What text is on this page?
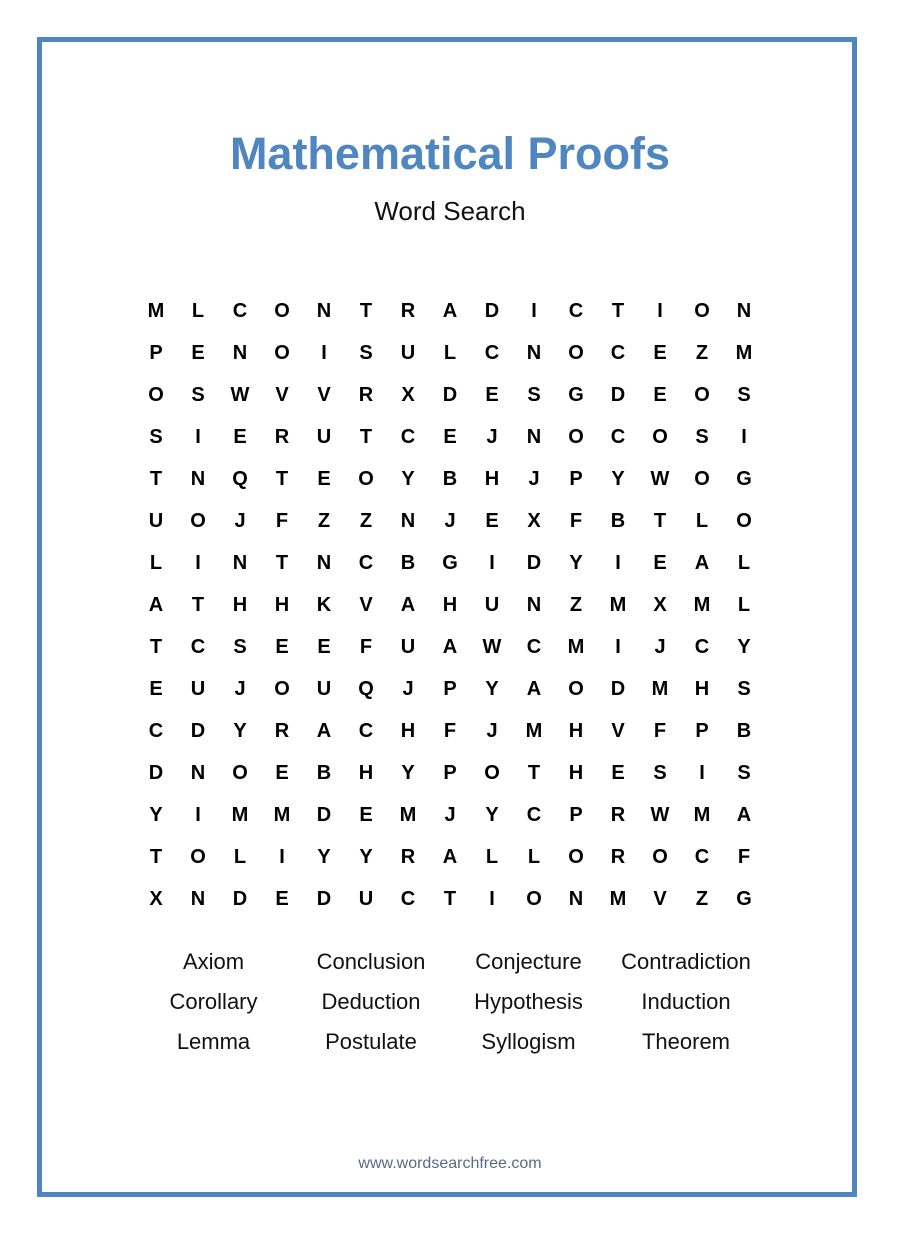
Mathematical Proofs
Word Search
M	L	C	O	N	T	R	A	D	I	C	T	I	O	N
P	E	N	O	I	S	U	L	C	N	O	C	E	Z	M
O	S	W	V	V	R	X	D	E	S	G	D	E	O	S
S	I	E	R	U	T	C	E	J	N	O	C	O	S	I
T	N	Q	T	E	O	Y	B	H	J	P	Y	W	O	G
U	O	J	F	Z	Z	N	J	E	X	F	B	T	L	O
L	I	N	T	N	C	B	G	I	D	Y	I	E	A	L
A	T	H	H	K	V	A	H	U	N	Z	M	X	M	L
T	C	S	E	E	F	U	A	W	C	M	I	J	C	Y
E	U	J	O	U	Q	J	P	Y	A	O	D	M	H	S
C	D	Y	R	A	C	H	F	J	M	H	V	F	P	B
D	N	O	E	B	H	Y	P	O	T	H	E	S	I	S
Y	I	M	M	D	E	M	J	Y	C	P	R	W	M	A
T	O	L	I	Y	Y	R	A	L	L	O	R	O	C	F
X	N	D	E	D	U	C	T	I	O	N	M	V	Z	G
Axiom	Conclusion	Conjecture	Contradiction
Corollary	Deduction	Hypothesis	Induction
Lemma	Postulate	Syllogism	Theorem
www.wordsearchfree.com
